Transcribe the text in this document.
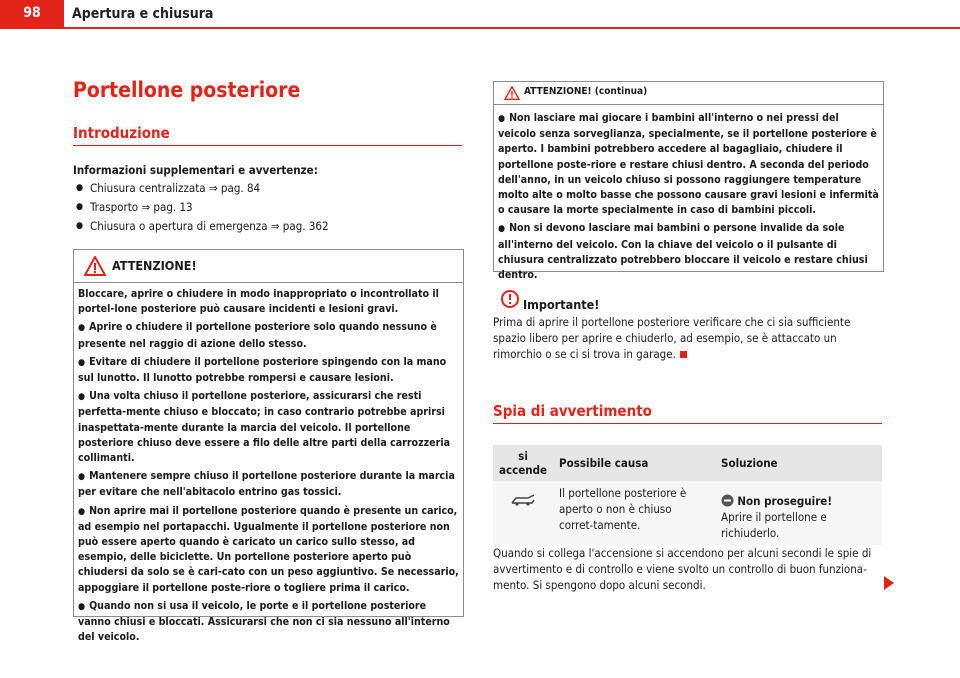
98	Apertura e chiusura
Portellone posteriore
Introduzione
Informazioni supplementari e avvertenze:
● Chiusura centralizzata ⇒ pag. 84
● Trasporto ⇒ pag. 13
● Chiusura o apertura di emergenza ⇒ pag. 362
ATTENZIONE!

Bloccare, aprire o chiudere in modo inappropriato o incontrollato il portel-lone posteriore può causare incidenti e lesioni gravi.

● Aprire o chiudere il portellone posteriore solo quando nessuno è presente nel raggio di azione dello stesso.

● Evitare di chiudere il portellone posteriore spingendo con la mano sul lunotto. Il lunotto potrebbe rompersi e causare lesioni.

● Una volta chiuso il portellone posteriore, assicurarsi che resti perfetta-mente chiuso e bloccato; in caso contrario potrebbe aprirsi inaspettata-mente durante la marcia del veicolo. Il portellone posteriore chiuso deve essere a filo delle altre parti della carrozzeria collimanti.

● Mantenere sempre chiuso il portellone posteriore durante la marcia per evitare che nell'abitacolo entrino gas tossici.

● Non aprire mai il portellone posteriore quando è presente un carico, ad esempio nel portapacchi. Ugualmente il portellone posteriore non può essere aperto quando è caricato un carico sullo stesso, ad esempio, delle biciclette. Un portellone posteriore aperto può chiudersi da solo se è cari-cato con un peso aggiuntivo. Se necessario, appoggiare il portellone poste-riore o togliere prima il carico.

● Quando non si usa il veicolo, le porte e il portellone posteriore vanno chiusi e bloccati. Assicurarsi che non ci sia nessuno all'interno del veicolo.

ATTENZIONE! (continua)

● Non lasciare mai giocare i bambini all'interno o nei pressi del veicolo senza sorveglianza, specialmente, se il portellone posteriore è aperto. I bambini potrebbero accedere al bagagliaio, chiudere il portellone poste-riore e restare chiusi dentro. A seconda del periodo dell'anno, in un veicolo chiuso si possono raggiungere temperature molto alte o molto basse che possono causare gravi lesioni e infermità o causare la morte specialmente in caso di bambini piccoli.

● Non si devono lasciare mai bambini o persone invalide da sole all'interno del veicolo. Con la chiave del veicolo o il pulsante di chiusura centralizzato potrebbero bloccare il veicolo e restare chiusi dentro.

Importante!
Prima di aprire il portellone posteriore verificare che ci sia sufficiente spazio libero per aprire e chiuderlo, ad esempio, se è attaccato un rimorchio o se ci si trova in garage.
Spia di avvertimento
si accende	Possibile causa	Soluzione
	Il portellone posteriore è aperto o non è chiuso corret-tamente.	Non proseguire!
Aprire il portellone e richiuderlo.
Quando si collega l'accensione si accendono per alcuni secondi le spie di avvertimento e di controllo e viene svolto un controllo di buon funziona-mento. Si spengono dopo alcuni secondi.
